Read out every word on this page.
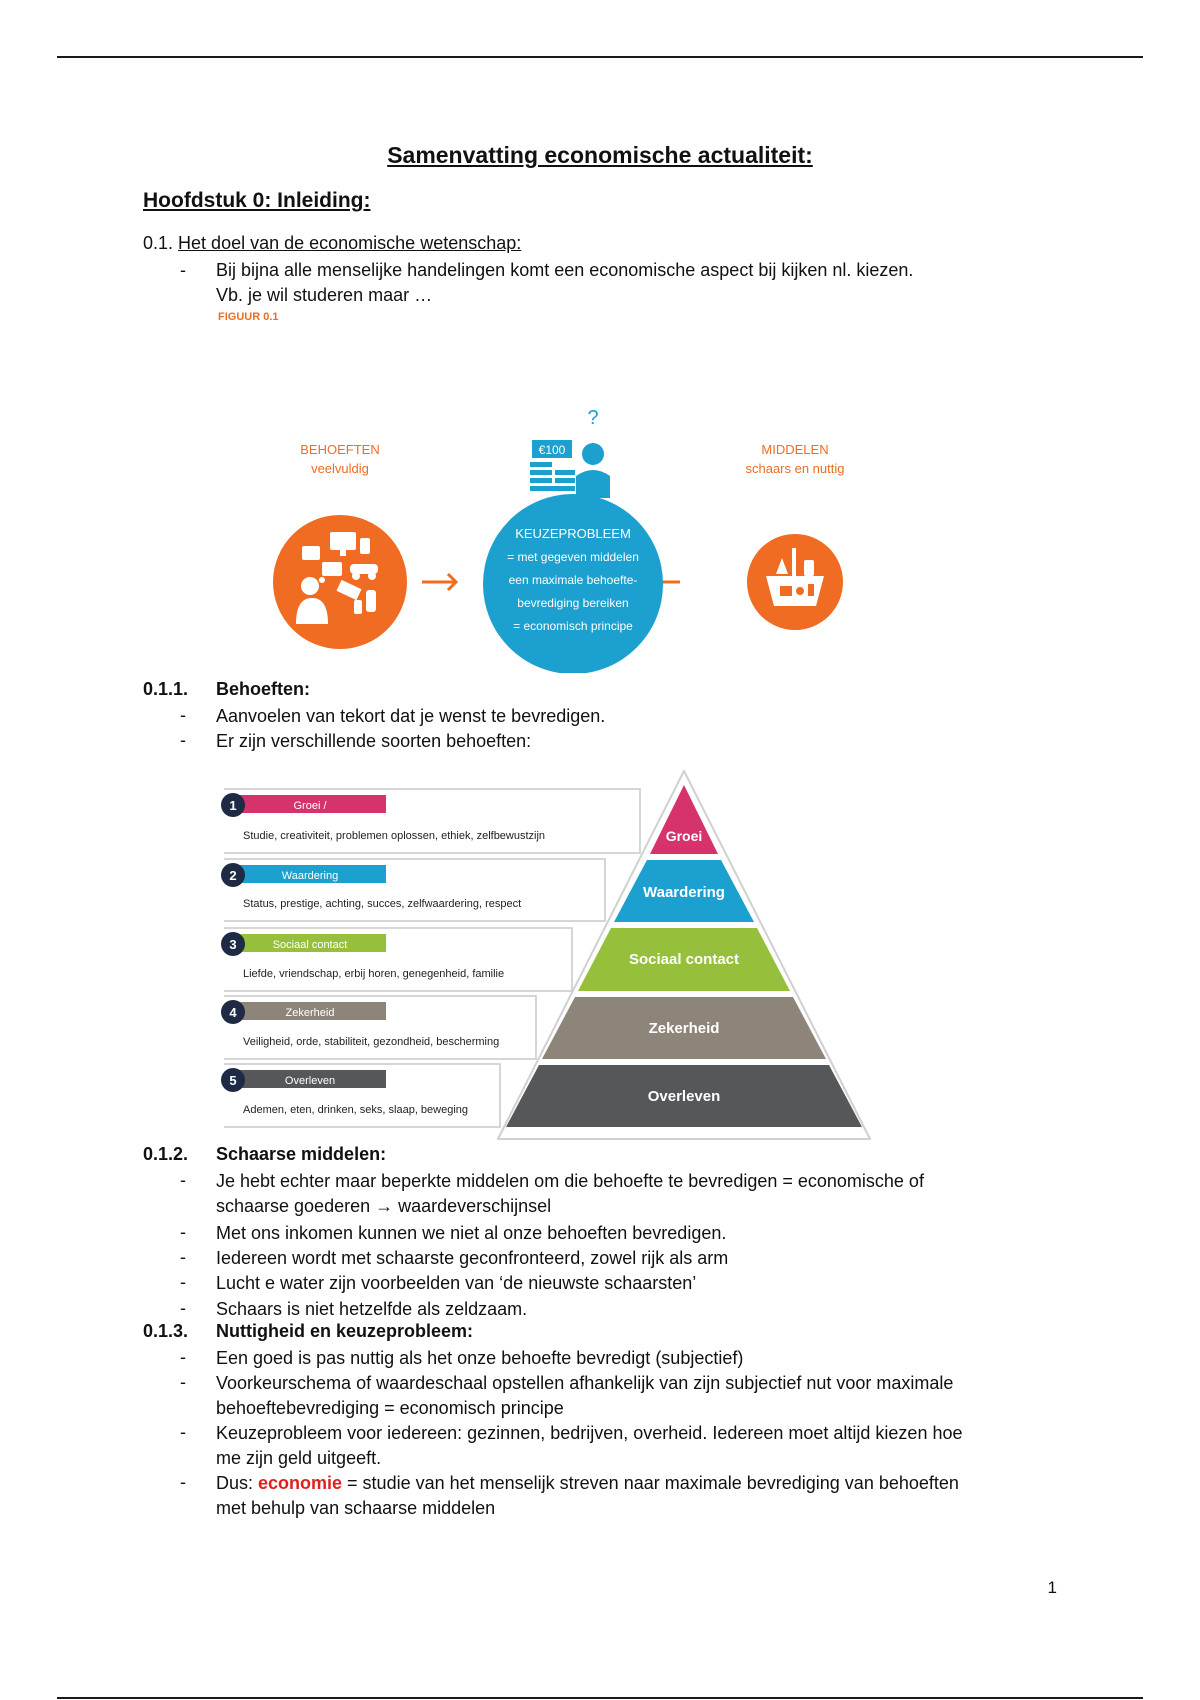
Samenvatting economische actualiteit:
Hoofdstuk 0: Inleiding:
0.1. Het doel van de economische wetenschap:
- Bij bijna alle menselijke handelingen komt een economische aspect bij kijken nl. kiezen.
Vb. je wil studeren maar …
FIGUUR 0.1
BEHOEFTEN
veelvuldig
MIDDELEN
schaars en nuttig
?
€100
KEUZEPROBLEEM
= met gegeven middelen
een maximale behoefte-
bevrediging bereiken
= economisch principe
0.1.1. Behoeften:
- Aanvoelen van tekort dat je wenst te bevredigen.
- Er zijn verschillende soorten behoeften:
1	Groei /
Studie, creativiteit, problemen oplossen, ethiek, zelfbewustzijn
2	Waardering
Status, prestige, achting, succes, zelfwaardering, respect
3	Sociaal contact
Liefde, vriendschap, erbij horen, genegenheid, familie
4	Zekerheid
Veiligheid, orde, stabiliteit, gezondheid, bescherming
5	Overleven
Ademen, eten, drinken, seks, slaap, beweging
Groei
Waardering
Sociaal contact
Zekerheid
Overleven
0.1.2. Schaarse middelen:
- Je hebt echter maar beperkte middelen om die behoefte te bevredigen = economische of
schaarse goederen → waardeverschijnsel
- Met ons inkomen kunnen we niet al onze behoeften bevredigen.
- Iedereen wordt met schaarste geconfronteerd, zowel rijk als arm
- Lucht e water zijn voorbeelden van ‘de nieuwste schaarsten’
- Schaars is niet hetzelfde als zeldzaam.
0.1.3. Nuttigheid en keuzeprobleem:
- Een goed is pas nuttig als het onze behoefte bevredigt (subjectief)
- Voorkeurschema of waardeschaal opstellen afhankelijk van zijn subjectief nut voor maximale
behoeftebevrediging = economisch principe
- Keuzeprobleem voor iedereen: gezinnen, bedrijven, overheid. Iedereen moet altijd kiezen hoe
me zijn geld uitgeeft.
- Dus: economie = studie van het menselijk streven naar maximale bevrediging van behoeften
met behulp van schaarse middelen
1
